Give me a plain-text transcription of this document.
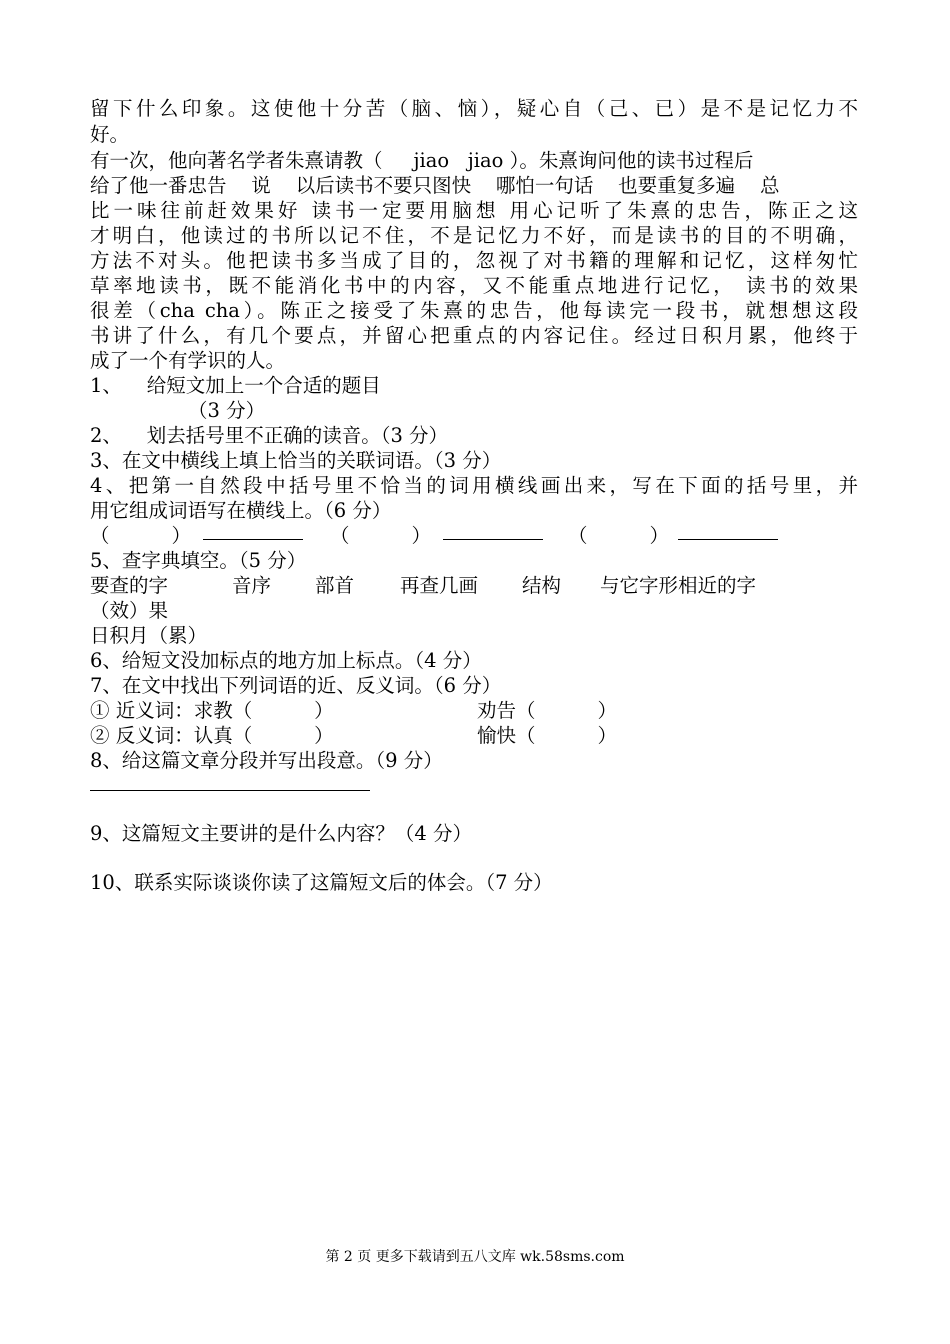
留下什么印象。这使他十分苦（脑、恼），疑心自（己、已）是不是记忆力不
好。
有一次，他向著名学者朱熹请教（     jiao   jiao ）。朱熹询问他的读书过程后
给了他一番忠告    说    以后读书不要只图快    哪怕一句话    也要重复多遍    总
比一味往前赶效果好 读书一定要用脑想 用心记听了朱熹的忠告，陈正之这
才明白，他读过的书所以记不住，不是记忆力不好，而是读书的目的不明确，
方法不对头。他把读书多当成了目的，忽视了对书籍的理解和记忆，这样匆忙
草率地读书，既不能消化书中的内容，又不能重点地进行记忆， 读书的效果
很差（cha cha）。陈正之接受了朱熹的忠告，他每读完一段书，就想想这段
书讲了什么，有几个要点，并留心把重点的内容记住。经过日积月累，他终于
成了一个有学识的人。
1、    给短文加上一个合适的题目
（3 分）
2、    划去括号里不正确的读音。（3 分）
3、在文中横线上填上恰当的关联词语。（3 分）
4、把第一自然段中括号里不恰当的词用横线画出来，写在下面的括号里，并
用它组成词语写在横线上。（6 分）
（          ）	（          ）	（          ）
5、查字典填空。（5 分）
要查的字	音序 部首 再查几画 结构 与它字形相近的字
（效）果
日积月（累）
6、给短文没加标点的地方加上标点。（4 分）
7、在文中找出下列词语的近、反义词。（6 分）
① 近义词：求教（          ）	劝告（          ）
② 反义词：认真（          ）	愉快（          ）
8、给这篇文章分段并写出段意。（9 分）
9、这篇短文主要讲的是什么内容？（4 分）
10、联系实际谈谈你读了这篇短文后的体会。（7 分）
第 2 页 更多下载请到五八文库 wk.58sms.com
